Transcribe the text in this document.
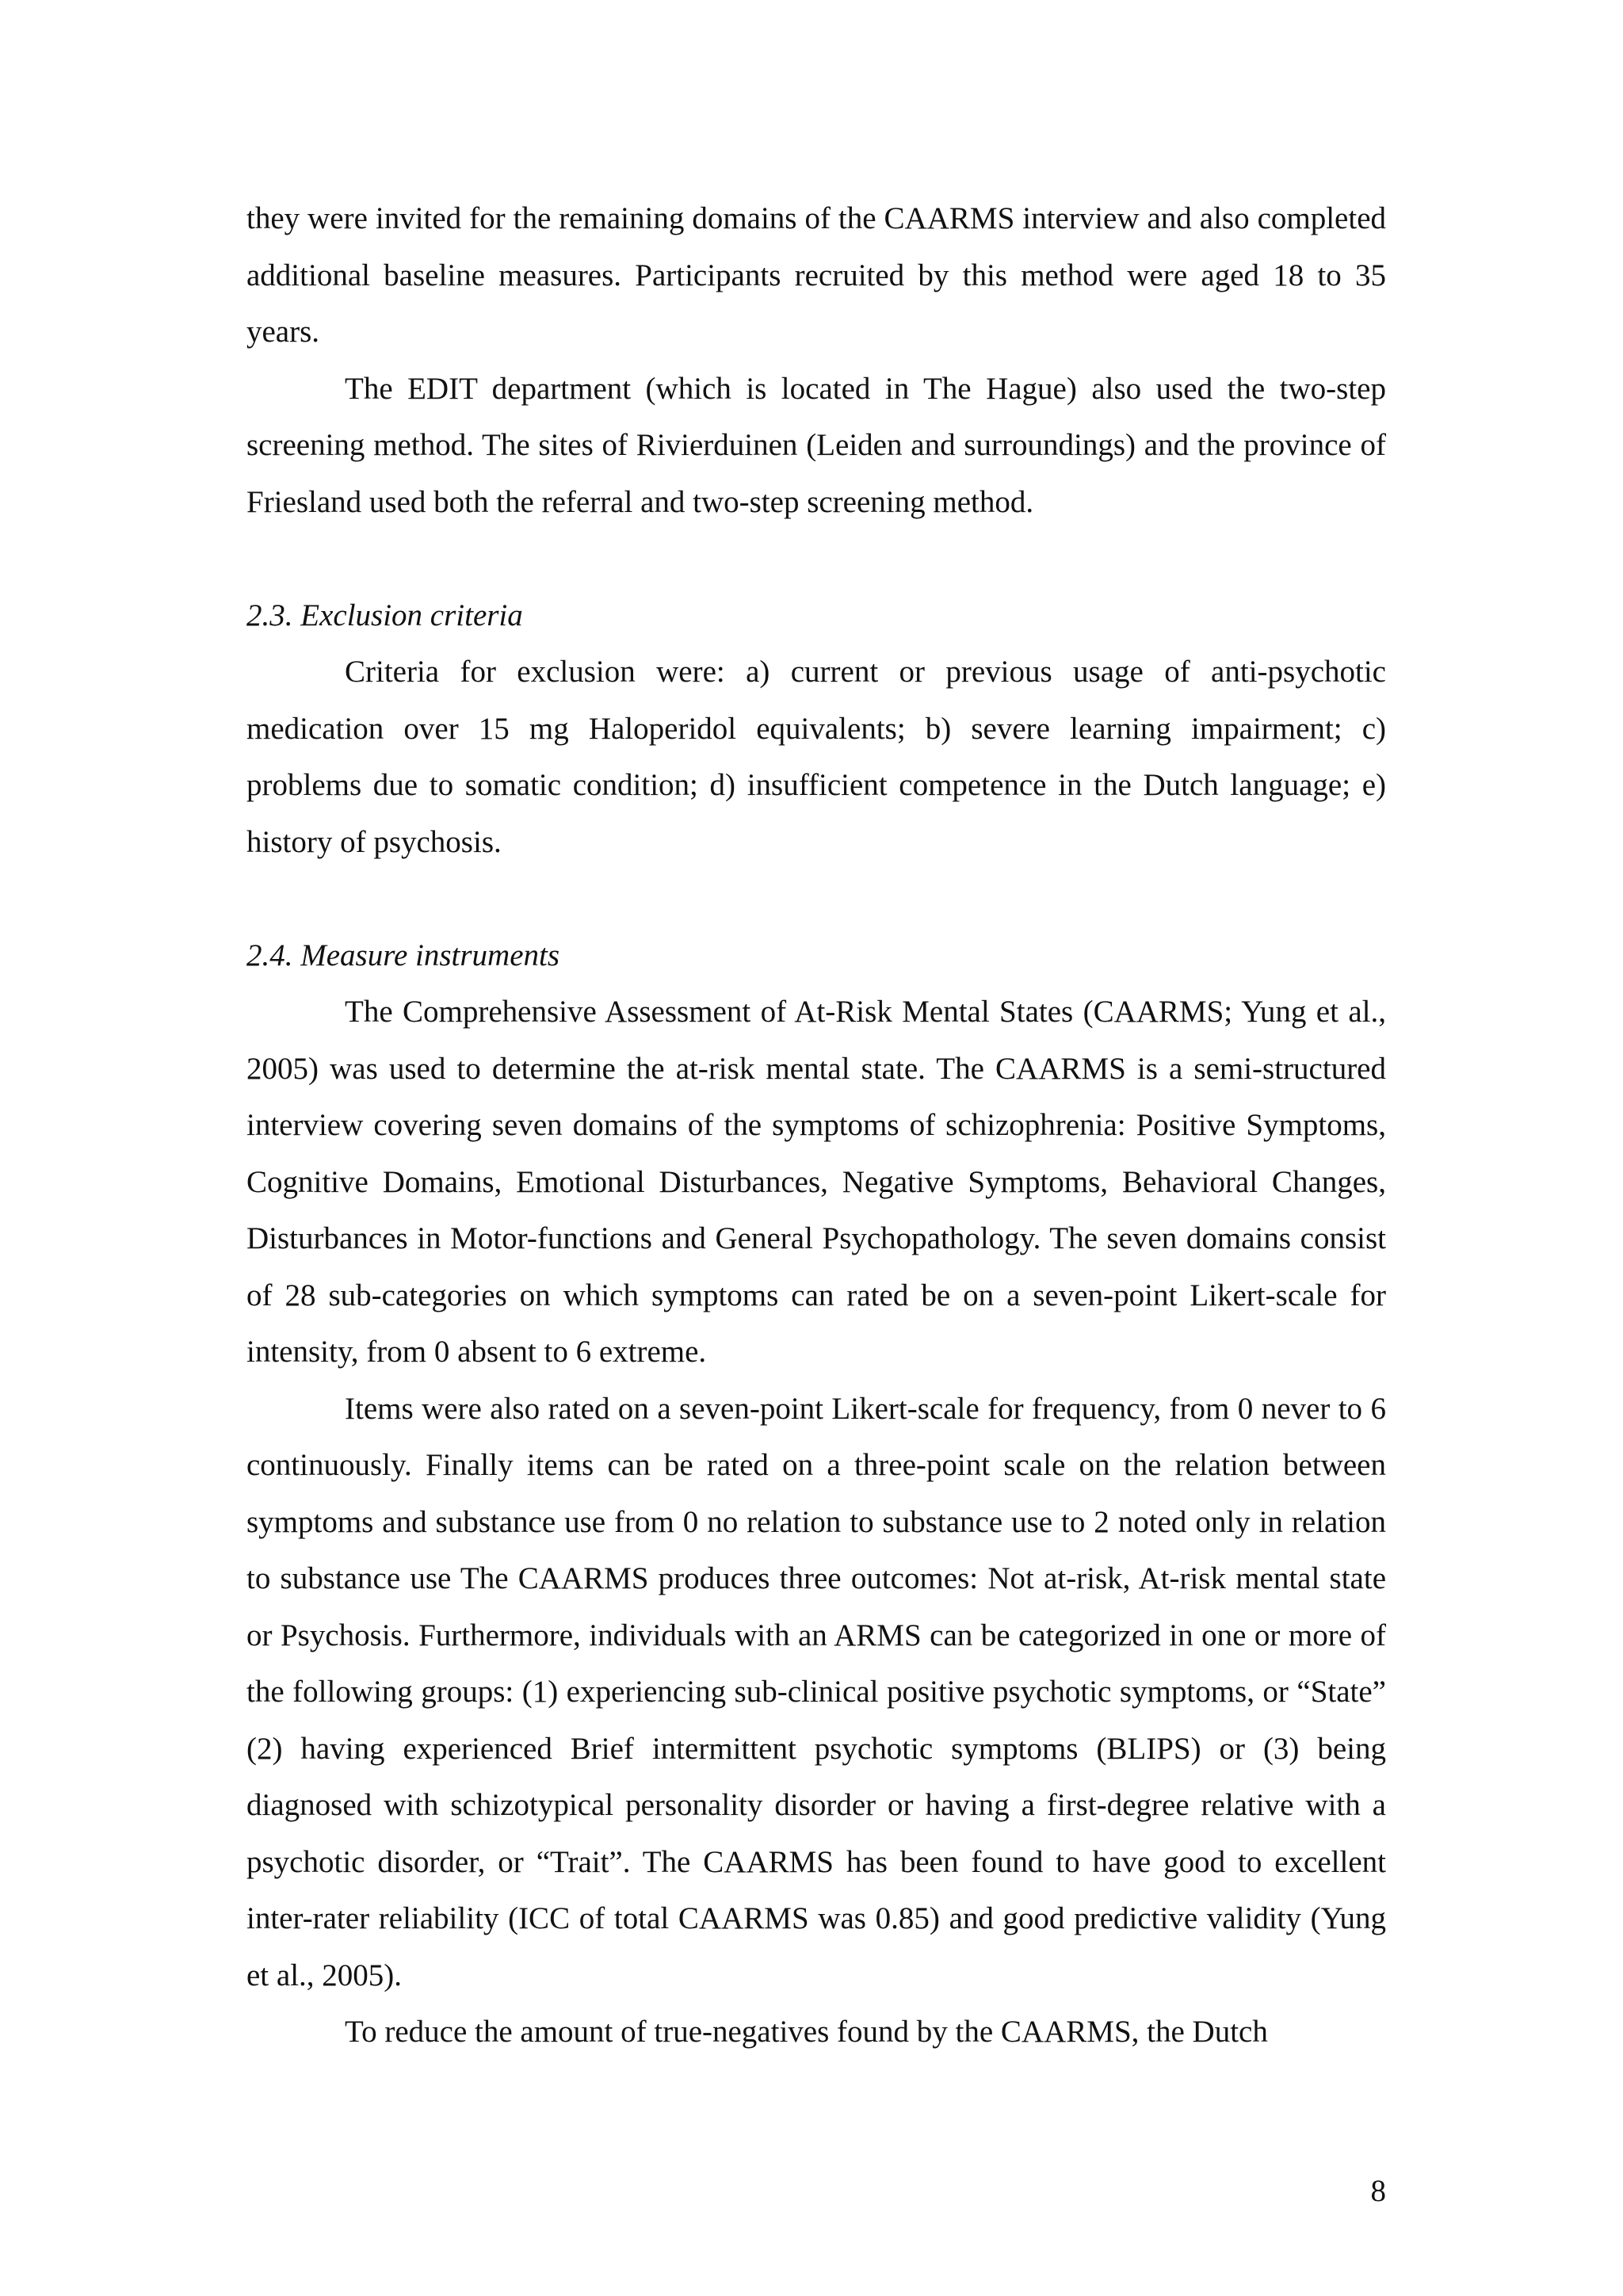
they were invited for the remaining domains of the CAARMS interview and also completed additional baseline measures. Participants recruited by this method were aged 18 to 35 years.

The EDIT department (which is located in The Hague) also used the two-step screening method. The sites of Rivierduinen (Leiden and surroundings) and the province of Friesland used both the referral and two-step screening method.

2.3. Exclusion criteria

Criteria for exclusion were: a) current or previous usage of anti-psychotic medication over 15 mg Haloperidol equivalents; b) severe learning impairment; c) problems due to somatic condition; d) insufficient competence in the Dutch language; e) history of psychosis.

2.4. Measure instruments

The Comprehensive Assessment of At-Risk Mental States (CAARMS; Yung et al., 2005) was used to determine the at-risk mental state. The CAARMS is a semi-structured interview covering seven domains of the symptoms of schizophrenia: Positive Symptoms, Cognitive Domains, Emotional Disturbances, Negative Symptoms, Behavioral Changes, Disturbances in Motor-functions and General Psychopathology. The seven domains consist of 28 sub-categories on which symptoms can rated be on a seven-point Likert-scale for intensity, from 0 absent to 6 extreme.

Items were also rated on a seven-point Likert-scale for frequency, from 0 never to 6 continuously. Finally items can be rated on a three-point scale on the relation between symptoms and substance use from 0 no relation to substance use to 2 noted only in relation to substance use The CAARMS produces three outcomes: Not at-risk, At-risk mental state or Psychosis. Furthermore, individuals with an ARMS can be categorized in one or more of the following groups: (1) experiencing sub-clinical positive psychotic symptoms, or “State” (2) having experienced Brief intermittent psychotic symptoms (BLIPS) or (3) being diagnosed with schizotypical personality disorder or having a first-degree relative with a psychotic disorder, or “Trait”. The CAARMS has been found to have good to excellent inter-rater reliability (ICC of total CAARMS was 0.85) and good predictive validity (Yung et al., 2005).

To reduce the amount of true-negatives found by the CAARMS, the Dutch

8
